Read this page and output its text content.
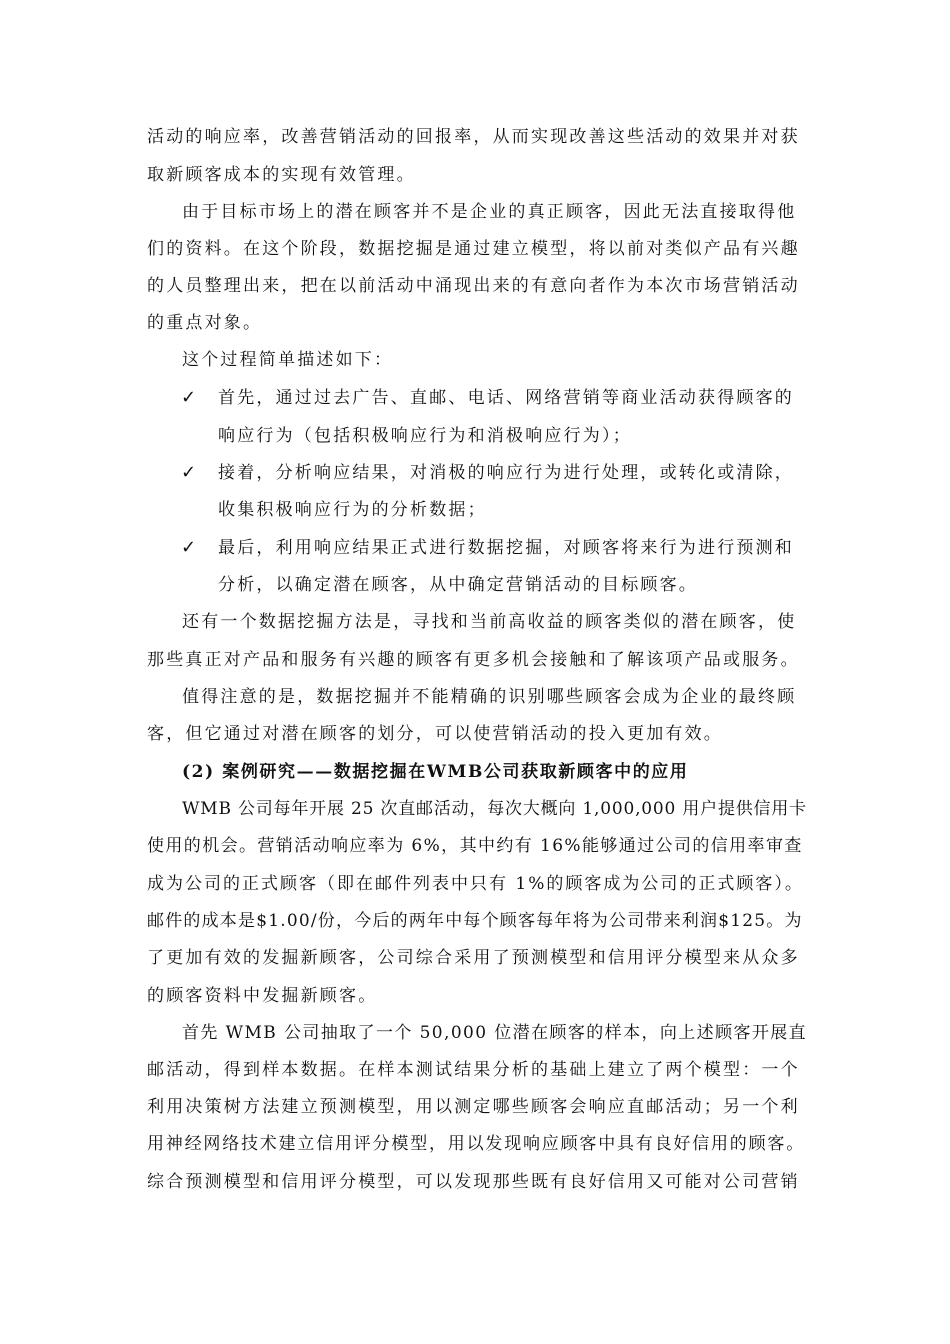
活动的响应率，改善营销活动的回报率，从而实现改善这些活动的效果并对获
取新顾客成本的实现有效管理。
由于目标市场上的潜在顾客并不是企业的真正顾客，因此无法直接取得他
们的资料。在这个阶段，数据挖掘是通过建立模型，将以前对类似产品有兴趣
的人员整理出来，把在以前活动中涌现出来的有意向者作为本次市场营销活动
的重点对象。
这个过程简单描述如下：
✓ 首先，通过过去广告、直邮、电话、网络营销等商业活动获得顾客的
响应行为（包括积极响应行为和消极响应行为）；
✓ 接着，分析响应结果，对消极的响应行为进行处理，或转化或清除，
收集积极响应行为的分析数据；
✓ 最后，利用响应结果正式进行数据挖掘，对顾客将来行为进行预测和
分析，以确定潜在顾客，从中确定营销活动的目标顾客。
还有一个数据挖掘方法是，寻找和当前高收益的顾客类似的潜在顾客，使
那些真正对产品和服务有兴趣的顾客有更多机会接触和了解该项产品或服务。
值得注意的是，数据挖掘并不能精确的识别哪些顾客会成为企业的最终顾
客，但它通过对潜在顾客的划分，可以使营销活动的投入更加有效。
(2) 案例研究——数据挖掘在WMB公司获取新顾客中的应用
WMB 公司每年开展 25 次直邮活动，每次大概向 1,000,000 用户提供信用卡
使用的机会。营销活动响应率为 6%，其中约有 16%能够通过公司的信用率审查
成为公司的正式顾客（即在邮件列表中只有 1%的顾客成为公司的正式顾客）。
邮件的成本是$1.00/份，今后的两年中每个顾客每年将为公司带来利润$125。为
了更加有效的发掘新顾客，公司综合采用了预测模型和信用评分模型来从众多
的顾客资料中发掘新顾客。
首先 WMB 公司抽取了一个 50,000 位潜在顾客的样本，向上述顾客开展直
邮活动，得到样本数据。在样本测试结果分析的基础上建立了两个模型：一个
利用决策树方法建立预测模型，用以测定哪些顾客会响应直邮活动；另一个利
用神经网络技术建立信用评分模型，用以发现响应顾客中具有良好信用的顾客。
综合预测模型和信用评分模型，可以发现那些既有良好信用又可能对公司营销
